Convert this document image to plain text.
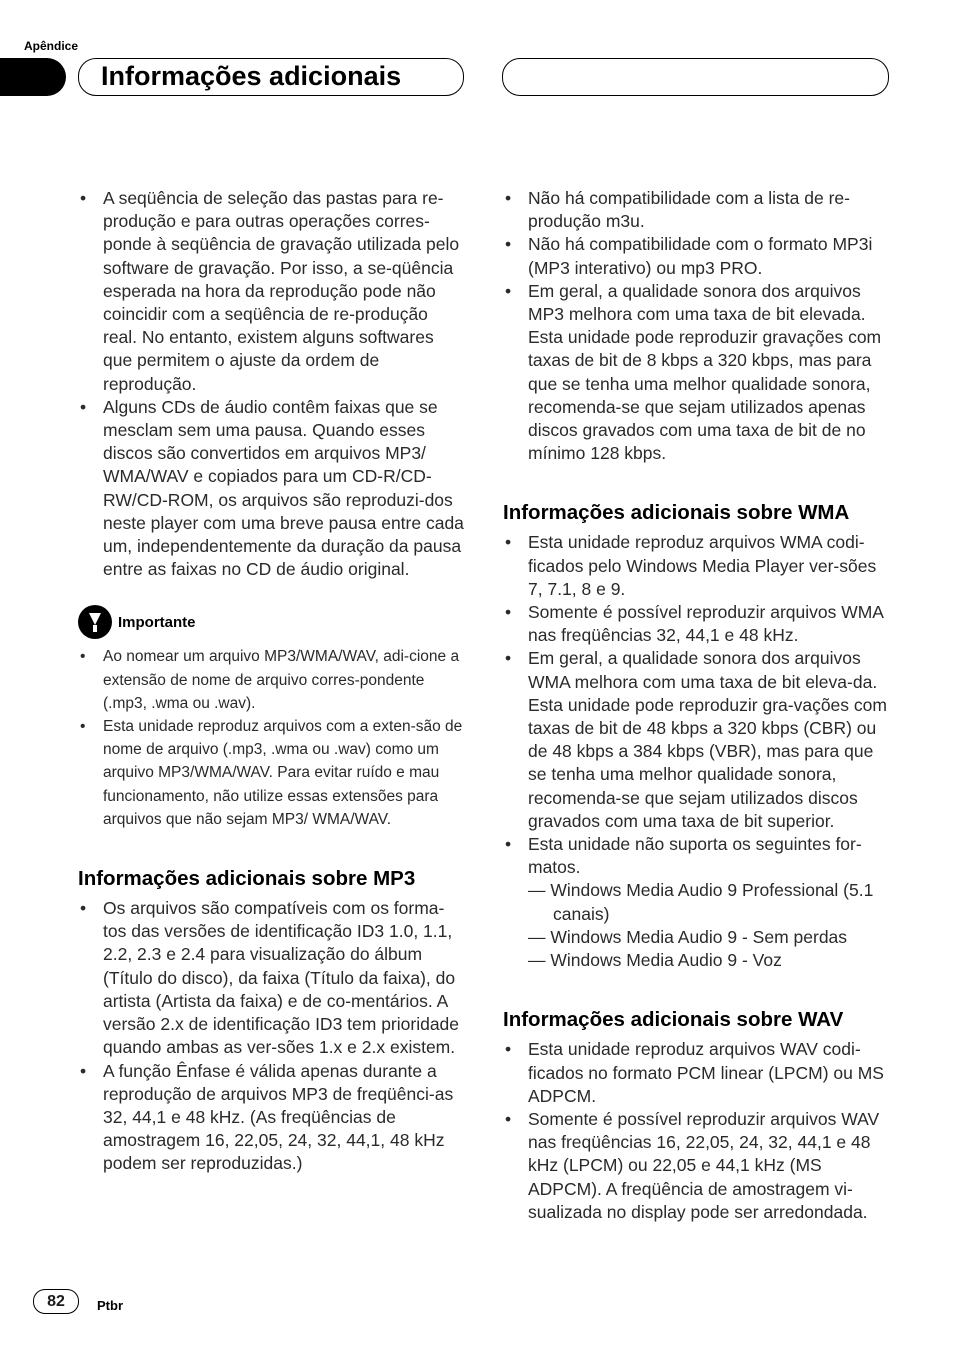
Apêndice
Informações adicionais
• A seqüência de seleção das pastas para re-produção e para outras operações corres-ponde à seqüência de gravação utilizada pelo software de gravação. Por isso, a se-qüência esperada na hora da reprodução pode não coincidir com a seqüência de re-produção real. No entanto, existem alguns softwares que permitem o ajuste da ordem de reprodução.
• Alguns CDs de áudio contêm faixas que se mesclam sem uma pausa. Quando esses discos são convertidos em arquivos MP3/ WMA/WAV e copiados para um CD-R/CD-RW/CD-ROM, os arquivos são reproduzi-dos neste player com uma breve pausa entre cada um, independentemente da duração da pausa entre as faixas no CD de áudio original.
Importante
• Ao nomear um arquivo MP3/WMA/WAV, adi-cione a extensão de nome de arquivo corres-pondente (.mp3, .wma ou .wav).
• Esta unidade reproduz arquivos com a exten-são de nome de arquivo (.mp3, .wma ou .wav) como um arquivo MP3/WMA/WAV. Para evitar ruído e mau funcionamento, não utilize essas extensões para arquivos que não sejam MP3/ WMA/WAV.
Informações adicionais sobre MP3
• Os arquivos são compatíveis com os forma-tos das versões de identificação ID3 1.0, 1.1, 2.2, 2.3 e 2.4 para visualização do álbum (Título do disco), da faixa (Título da faixa), do artista (Artista da faixa) e de co-mentários. A versão 2.x de identificação ID3 tem prioridade quando ambas as ver-sões 1.x e 2.x existem.
• A função Ênfase é válida apenas durante a reprodução de arquivos MP3 de freqüênci-as 32, 44,1 e 48 kHz. (As freqüências de amostragem 16, 22,05, 24, 32, 44,1, 48 kHz podem ser reproduzidas.)
• Não há compatibilidade com a lista de re-produção m3u.
• Não há compatibilidade com o formato MP3i (MP3 interativo) ou mp3 PRO.
• Em geral, a qualidade sonora dos arquivos MP3 melhora com uma taxa de bit elevada. Esta unidade pode reproduzir gravações com taxas de bit de 8 kbps a 320 kbps, mas para que se tenha uma melhor qualidade sonora, recomenda-se que sejam utilizados apenas discos gravados com uma taxa de bit de no mínimo 128 kbps.
Informações adicionais sobre WMA
• Esta unidade reproduz arquivos WMA codi-ficados pelo Windows Media Player ver-sões 7, 7.1, 8 e 9.
• Somente é possível reproduzir arquivos WMA nas freqüências 32, 44,1 e 48 kHz.
• Em geral, a qualidade sonora dos arquivos WMA melhora com uma taxa de bit eleva-da. Esta unidade pode reproduzir gra-vações com taxas de bit de 48 kbps a 320 kbps (CBR) ou de 48 kbps a 384 kbps (VBR), mas para que se tenha uma melhor qualidade sonora, recomenda-se que sejam utilizados discos gravados com uma taxa de bit superior.
• Esta unidade não suporta os seguintes for-matos.
— Windows Media Audio 9 Professional (5.1 canais)
— Windows Media Audio 9 - Sem perdas
— Windows Media Audio 9 - Voz
Informações adicionais sobre WAV
• Esta unidade reproduz arquivos WAV codi-ficados no formato PCM linear (LPCM) ou MS ADPCM.
• Somente é possível reproduzir arquivos WAV nas freqüências 16, 22,05, 24, 32, 44,1 e 48 kHz (LPCM) ou 22,05 e 44,1 kHz (MS ADPCM). A freqüência de amostragem vi-sualizada no display pode ser arredondada.
82	Ptbr
